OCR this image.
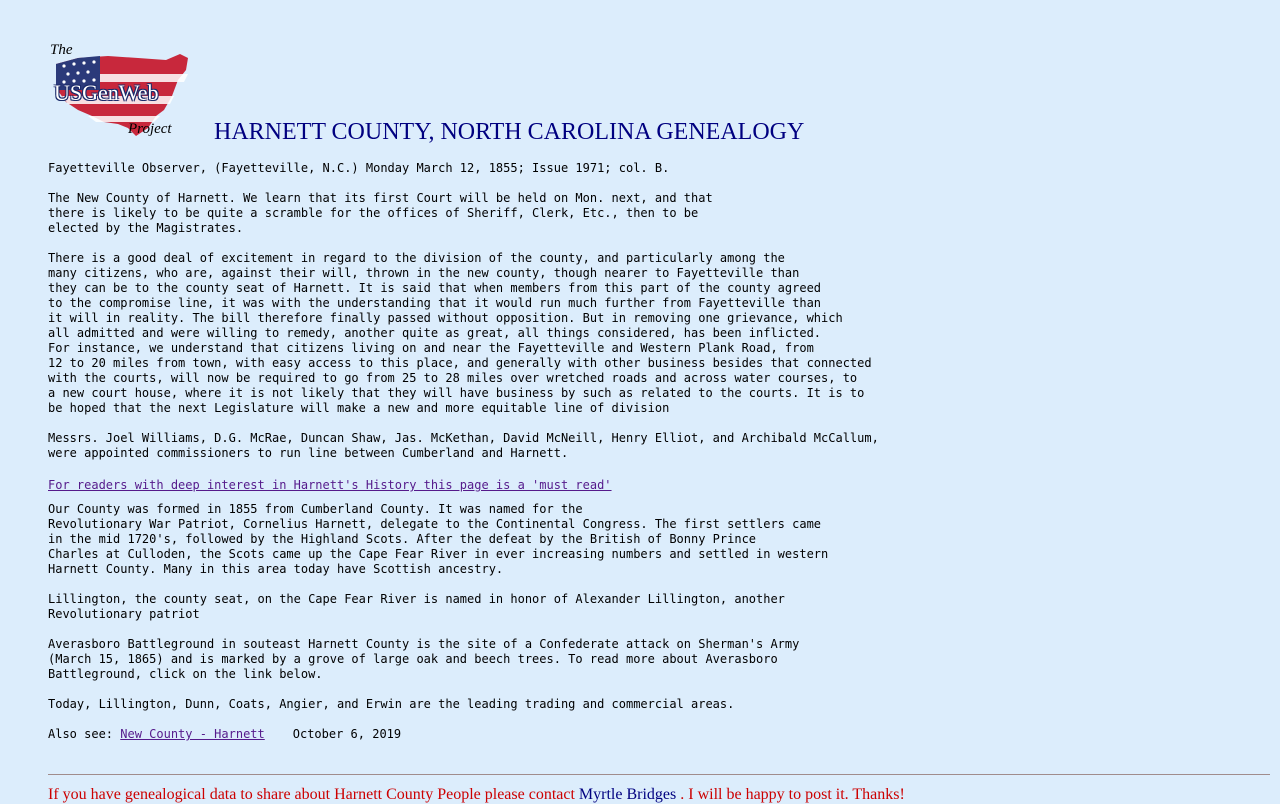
The
USGenWeb
Project HARNETT COUNTY, NORTH CAROLINA GENEALOGY
Fayetteville Observer, (Fayetteville, N.C.) Monday March 12, 1855; Issue 1971; col. B.
The New County of Harnett. We learn that its first Court will be held on Mon. next, and that
there is likely to be quite a scramble for the offices of Sheriff, Clerk, Etc., then to be
elected by the Magistrates.
There is a good deal of excitement in regard to the division of the county, and particularly among the
many citizens, who are, against their will, thrown in the new county, though nearer to Fayetteville than
they can be to the county seat of Harnett. It is said that when members from this part of the county agreed
to the compromise line, it was with the understanding that it would run much further from Fayetteville than
it will in reality. The bill therefore finally passed without opposition. But in removing one grievance, which
all admitted and were willing to remedy, another quite as great, all things considered, has been inflicted.
For instance, we understand that citizens living on and near the Fayetteville and Western Plank Road, from
12 to 20 miles from town, with easy access to this place, and generally with other business besides that connected
with the courts, will now be required to go from 25 to 28 miles over wretched roads and across water courses, to
a new court house, where it is not likely that they will have business by such as related to the courts. It is to
be hoped that the next Legislature will make a new and more equitable line of division
Messrs. Joel Williams, D.G. McRae, Duncan Shaw, Jas. McKethan, David McNeill, Henry Elliot, and Archibald McCallum,
were appointed commissioners to run line between Cumberland and Harnett.
For readers with deep interest in Harnett's History this page is a 'must read'
Our County was formed in 1855 from Cumberland County. It was named for the
Revolutionary War Patriot, Cornelius Harnett, delegate to the Continental Congress. The first settlers came
in the mid 1720's, followed by the Highland Scots. After the defeat by the British of Bonny Prince
Charles at Culloden, the Scots came up the Cape Fear River in ever increasing numbers and settled in western
Harnett County. Many in this area today have Scottish ancestry.
Lillington, the county seat, on the Cape Fear River is named in honor of Alexander Lillington, another
Revolutionary patriot
Averasboro Battleground in souteast Harnett County is the site of a Confederate attack on Sherman's Army
(March 15, 1865) and is marked by a grove of large oak and beech trees. To read more about Averasboro
Battleground, click on the link below.
Today, Lillington, Dunn, Coats, Angier, and Erwin are the leading trading and commercial areas.
Also see: New County - Harnett October 6, 2019
If you have genealogical data to share about Harnett County People please contact Myrtle Bridges . I will be happy to post it. Thanks!
